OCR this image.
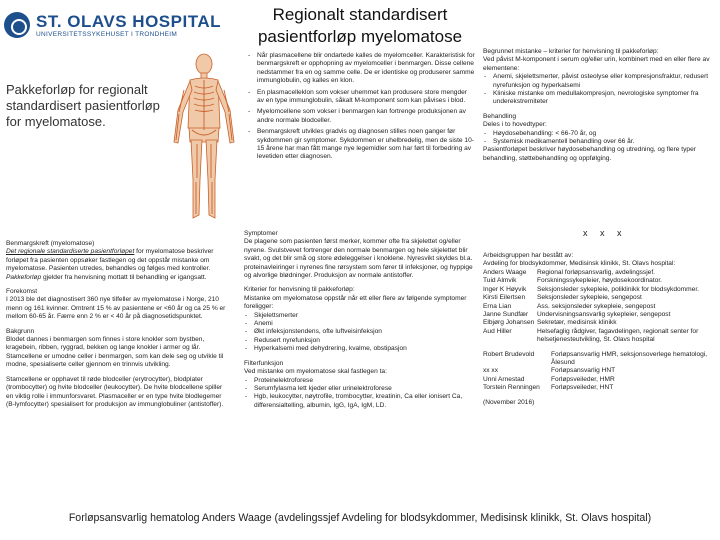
Regionalt standardisert
pasientforløp myelomatose
ST. OLAVS HOSPITAL
UNIVERSITETSSYKEHUSET I TRONDHEIM
Pakkeforløp for regionalt standardisert pasientforløp for myelomatose.
- Når plasmacellene blir ondartede kalles de myelomceller. Karakteristisk for benmargskreft er opphopning av myelomceller i benmargen. Disse cellene nedstammer fra en og samme celle. De er identiske og produserer samme immunglobulin, og kalles en klon.
- En plasmacelleklon som vokser uhemmet kan produsere store mengder av en type immunglobulin, såkalt M-komponent som kan påvises i blod.
- Myelomcellene som vokser i benmargen kan fortrenge produksjonen av andre normale blodceller.
- Benmargskreft utvikles gradvis og diagnosen stilles noen ganger før sykdommen gir symptomer. Sykdommen er uhelbredelig, men de siste 10-15 årene har man fått mange nye legemidler som har ført til forbedring av levetiden etter diagnosen.

Benmargskreft (myelomatose)

Det regionale standardiserte pasientforløpet for myelomatose beskriver forløpet fra pasienten oppsøker fastlegen og det oppstår mistanke om myelomatose. Pasienten utredes, behandles og følges med kontroller.

Pakkeforløp gjelder fra henvisning mottatt til behandling er igangsatt.

Forekomst

I 2013 ble det diagnostisert 360 nye tilfeller av myelomatose i Norge, 210 menn og 161 kvinner. Omtrent 15 % av pasientene er <60 år og ca 25 % er mellom 60-65 år. Færre enn 2 % er < 40 år på diagnosetidspunktet.

Bakgrunn

Blodet dannes i benmargen som finnes i store knokler som bystben, kragebein, ribben, ryggrad, bekken og lange knokler i armer og lår. Stamcellene er umodne celler i benmargen, som kan dele seg og utvikle til modne, spesialiserte celler gjennom en trinnvis utvikling.

Stamcellene er opphavet til røde blodceller (erytrocytter), blodplater (trombocytter) og hvite blodceller (leukocytter). De hvite blodcellene spiller en viktig rolle i immunforsvaret. Plasmaceller er en type hvite blodlegemer (B-lymfocytter) spesialisert for produksjon av immunglobuliner (antistoffer).

Symptomer

De plagene som pasienten først merker, kommer ofte fra skjelettet og/eller nyrene. Svulstvevet fortrenger den normale benmargen og hele skjelettet blir svakt, og det blir små og store ødeleggelser i knoklene. Nyresvikt skyldes bl.a. proteinavleiringer i nyrenes fine rørsystem som fører til infeksjoner, og hyppige og alvorlige blødninger. Produksjon av normale antistoffer.

Kriterier for henvisning til pakkeforløp:

Mistanke om myelomatose oppstår når ett eller flere av følgende symptomer foreligger:

- Skjelettsmerter
- Anemi
- Økt infeksjonstendens, ofte luftveisinfeksjon
- Redusert nyrefunksjon
- Hyperkalsemi med dehydrering, kvalme, obstipasjon

Filterfunksjon

Ved mistanke om myelomatose skal fastlegen ta:

- Proteinelektroforese
- Serumfylasma lett kjeder eller urinelektroforese
- Hgb, leukocytter, nøytrofile, trombocytter, kreatinin, Ca eller ionisert Ca, differensialtelling, albumin, IgG, IgA, IgM, LD.

Begrunnet mistanke – kriterier for henvisning til pakkeforløp:

Ved påvist M-komponent i serum og/eller urin, kombinert med en eller flere av elementene:

- Anemi, skjelettsmerter, påvist osteolyse eller kompresjonsfraktur, redusert nyrefunksjon og hyperkalsemi
- Kliniske mistanke om medullakompresjon, nevrologiske symptomer fra underekstremiteter

Behandling

Deles i to hovedtyper:

- Høydosebehandling: < 66-70 år, og
- Systemisk medikamentell behandling over 66 år.

Pasientforløpet beskriver høydosebehandling og utredning, og flere typer behandling, støttebehandling og oppfølging.

x x x

Arbeidsgruppen har bestått av:

Avdeling for blodsykdommer, Medisinsk klinikk, St. Olavs hospital:

Anders Waage	Regional forløpsansvarlig, avdelingssjef.
Tuid Almvik	Forskningssykepleier, høydosekoordinator.
Inger K Høyvik	Seksjonsleder sykepleie, poliklinikk for blodsykdommer.
Kirsti Eilertsen	Seksjonsleder sykepleie, sengepost
Erna Lian	Ass. seksjonsleder sykepleie, sengepost
Janne Sundfær	Undervisningsansvarlig sykepleier, sengepost
Elbjørg Johansen Sekretær, medisinsk klinikk
Aud Hiller	Helsefaglig rådgiver, fagavdelingen, regionalt senter for helsetjenesteutvikling, St. Olavs hospital
Robert Brudevold	Forløpsansvarlig HMR, seksjonsoverlege hematologi, Ålesund
xx xx	Forløpsansvarlig HNT
Unni Arnestad	Forløpsveileder, HMR
Torstein Renningen	Forløpsveileder, HNT

(November 2016)

Forløpsansvarlig hematolog Anders Waage (avdelingssjef Avdeling for blodsykdommer, Medisinsk klinikk, St. Olavs hospital)
